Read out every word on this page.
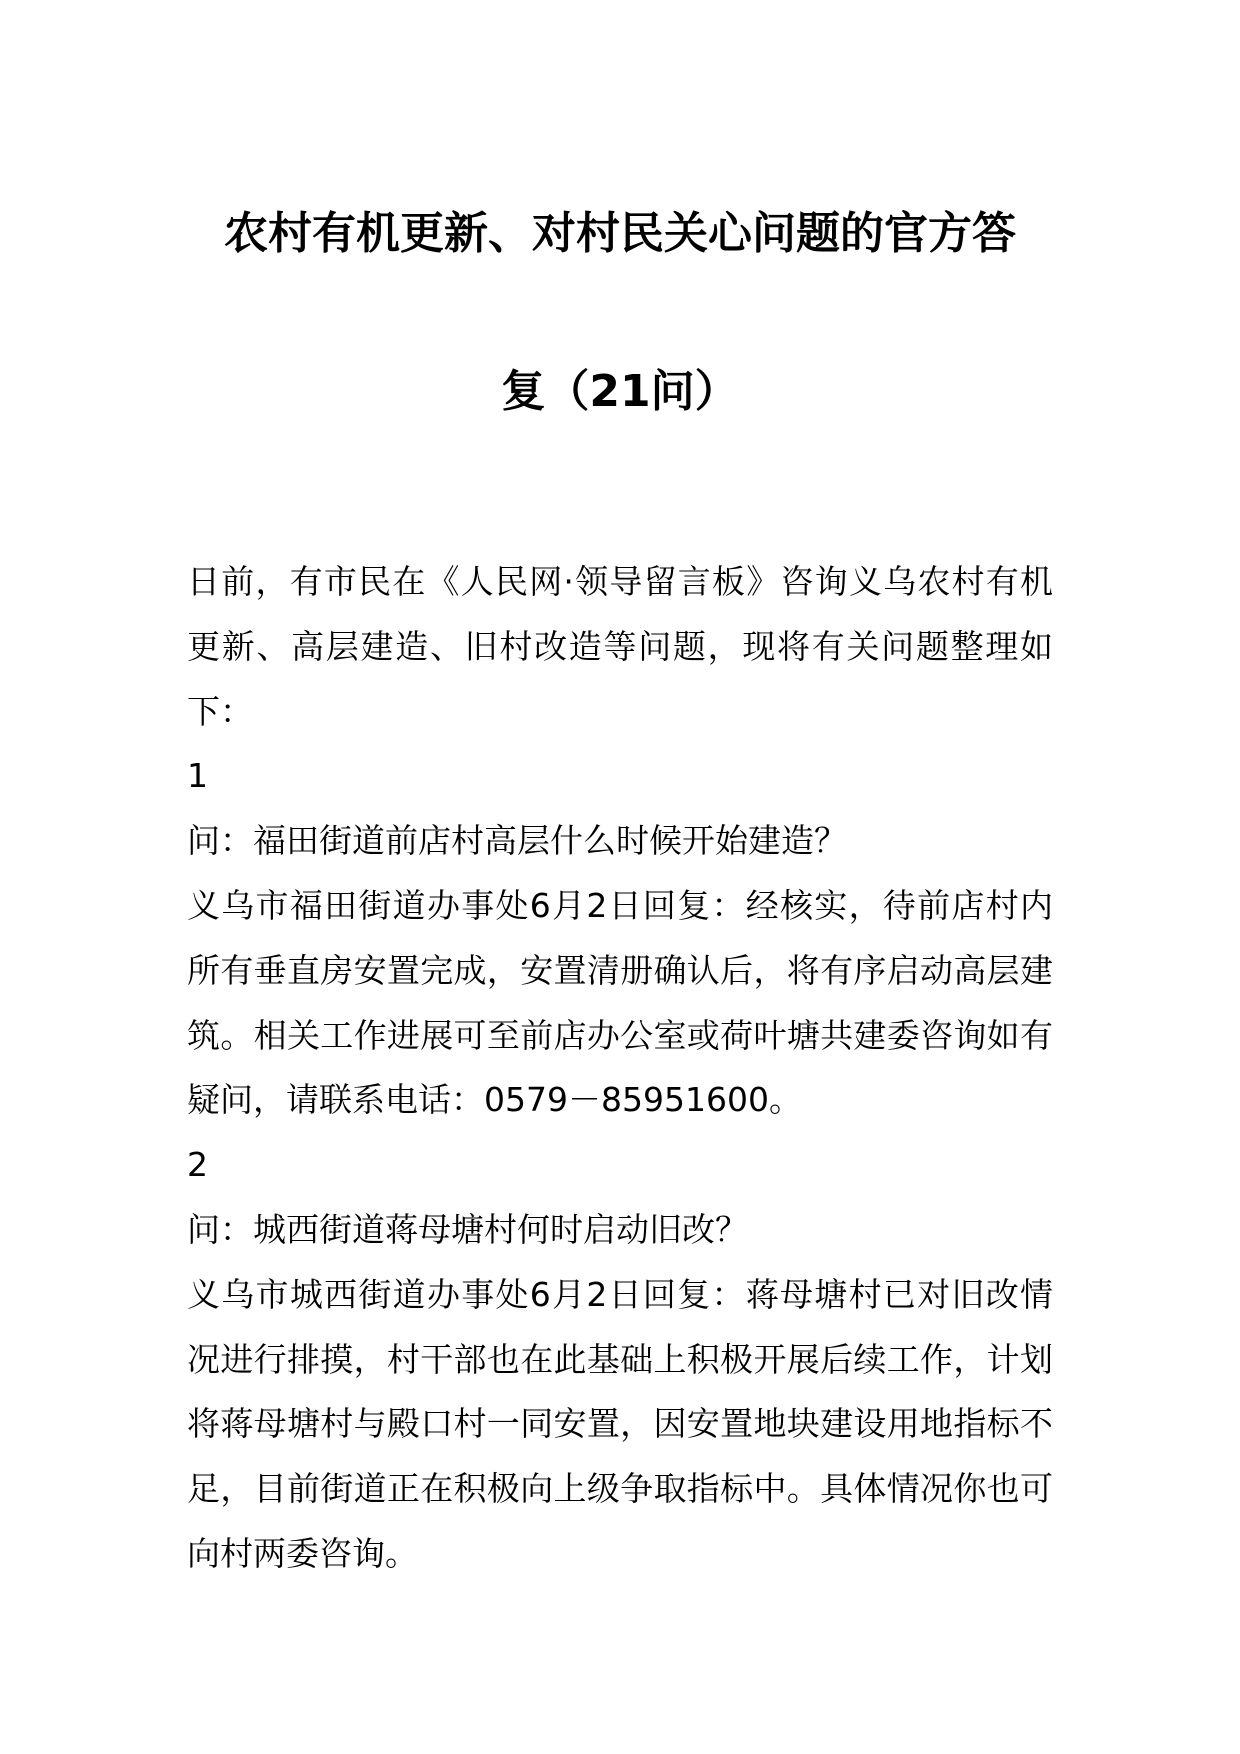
农村有机更新、对村民关心问题的官方答
复（21问）

日前，有市民在《人民网·领导留言板》咨询义乌农村有机更新、高层建造、旧村改造等问题，现将有关问题整理如下：

1

问：福田街道前店村高层什么时候开始建造？

义乌市福田街道办事处6月2日回复：经核实，待前店村内所有垂直房安置完成，安置清册确认后，将有序启动高层建筑。相关工作进展可至前店办公室或荷叶塘共建委咨询如有疑问，请联系电话：0579－85951600。

2

问：城西街道蒋母塘村何时启动旧改？

义乌市城西街道办事处6月2日回复：蒋母塘村已对旧改情况进行排摸，村干部也在此基础上积极开展后续工作，计划将蒋母塘村与殿口村一同安置，因安置地块建设用地指标不足，目前街道正在积极向上级争取指标中。具体情况你也可向村两委咨询。
